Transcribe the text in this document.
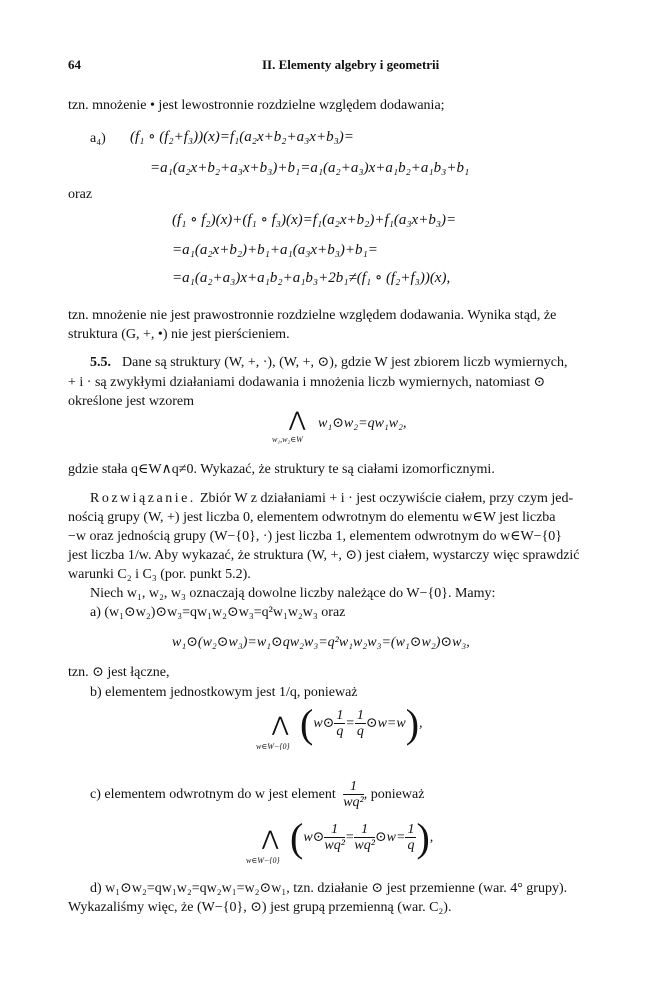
64	II. Elementy algebry i geometrii
tzn. mnożenie • jest lewostronnie rozdzielne względem dodawania;
a₄) (f₁ ∘ (f₂+f₃))(x)=f₁(a₂x+b₂+a₃x+b₃)=
=a₁(a₂x+b₂+a₃x+b₃)+b₁=a₁(a₂+a₃)x+a₁b₂+a₁b₃+b₁
oraz
(f₁ ∘ f₂)(x)+(f₁ ∘ f₃)(x)=f₁(a₂x+b₂)+f₁(a₃x+b₃)=
=a₁(a₂x+b₂)+b₁+a₁(a₃x+b₃)+b₁=
=a₁(a₂+a₃)x+a₁b₂+a₁b₃+2b₁≠(f₁ ∘ (f₂+f₃))(x),
tzn. mnożenie nie jest prawostronnie rozdzielne względem dodawania. Wynika stąd, że
struktura (G, +, •) nie jest pierścieniem.
5.5. Dane są struktury (W, +, ·), (W, +, ⊙), gdzie W jest zbiorem liczb wymiernych,
+ i · są zwykłymi działaniami dodawania i mnożenia liczb wymiernych, natomiast ⊙
określone jest wzorem
⋀ w₁⊙w₂=qw₁w₂,
w₁,w₂∈W
gdzie stała q∈W∧q≠0. Wykazać, że struktury te są ciałami izomorficznymi.
Rozwiązanie. Zbiór W z działaniami + i · jest oczywiście ciałem, przy czym jed-
nością grupy (W, +) jest liczba 0, elementem odwrotnym do elementu w∈W jest liczba
−w oraz jednością grupy (W−{0}, ·) jest liczba 1, elementem odwrotnym do w∈W−{0}
jest liczba 1/w. Aby wykazać, że struktura (W, +, ⊙) jest ciałem, wystarczy więc sprawdzić
warunki C₂ i C₃ (por. punkt 5.2).
Niech w₁, w₂, w₃ oznaczają dowolne liczby należące do W−{0}. Mamy:
a) (w₁⊙w₂)⊙w₃=qw₁w₂⊙w₃=q²w₁w₂w₃ oraz
w₁⊙(w₂⊙w₃)=w₁⊙qw₂w₃=q²w₁w₂w₃=(w₁⊙w₂)⊙w₃,
tzn. ⊙ jest łączne,
b) elementem jednostkowym jest 1/q, ponieważ
⋀
w∈W−{0}
(w⊙ $\frac{1}{q} = \frac{1}{q}$ ⊙w=w),
c) elementem odwrotnym do w jest element $\frac{1}{\text{wq²}}$ , ponieważ
⋀
w∈W−{0}
(w⊙ $\frac{1}{\text{wq²}} = \frac{1}{\text{wq²}}$ ⊙w= $\frac{1}{q}$ ),
d) w₁⊙w₂=qw₁w₂=qw₂w₁=w₂⊙w₁, tzn. działanie ⊙ jest przemienne (war. 4° grupy).
Wykazaliśmy więc, że (W−{0}, ⊙) jest grupą przemienną (war. C₂).
